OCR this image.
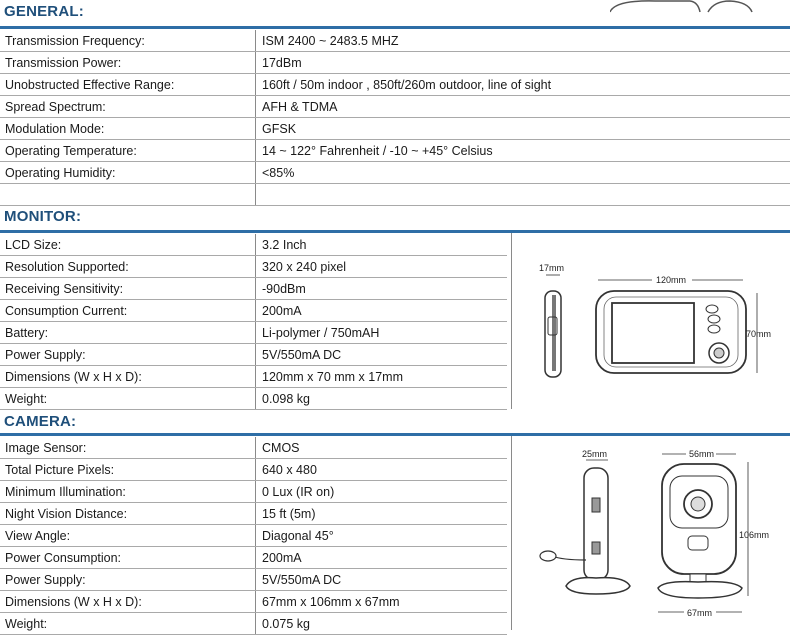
GENERAL:
Transmission Frequency:	ISM 2400 ~ 2483.5 MHZ
Transmission Power:	17dBm
Unobstructed Effective Range:	160ft / 50m indoor , 850ft/260m outdoor, line of sight
Spread Spectrum:	AFH & TDMA
Modulation Mode:	GFSK
Operating Temperature:	14 ~ 122° Fahrenheit / -10 ~ +45° Celsius
Operating Humidity:	<85%

MONITOR:
LCD Size:	3.2 Inch
Resolution Supported:	320 x 240 pixel
Receiving Sensitivity:	-90dBm
Consumption Current:	200mA
Battery:	Li-polymer / 750mAH
Power Supply:	5V/550mA DC
Dimensions (W x H x D):	120mm x 70 mm x 17mm
Weight:	0.098 kg
17mm
120mm
70mm
CAMERA:
Image Sensor:	CMOS
Total Picture Pixels:	640 x 480
Minimum Illumination:	0 Lux (IR on)
Night Vision Distance:	15 ft (5m)
View Angle:	Diagonal 45°
Power Consumption:	200mA
Power Supply:	5V/550mA DC
Dimensions (W x H x D):	67mm x 106mm x 67mm
Weight:	0.075 kg
25mm	56mm
106mm
67mm
